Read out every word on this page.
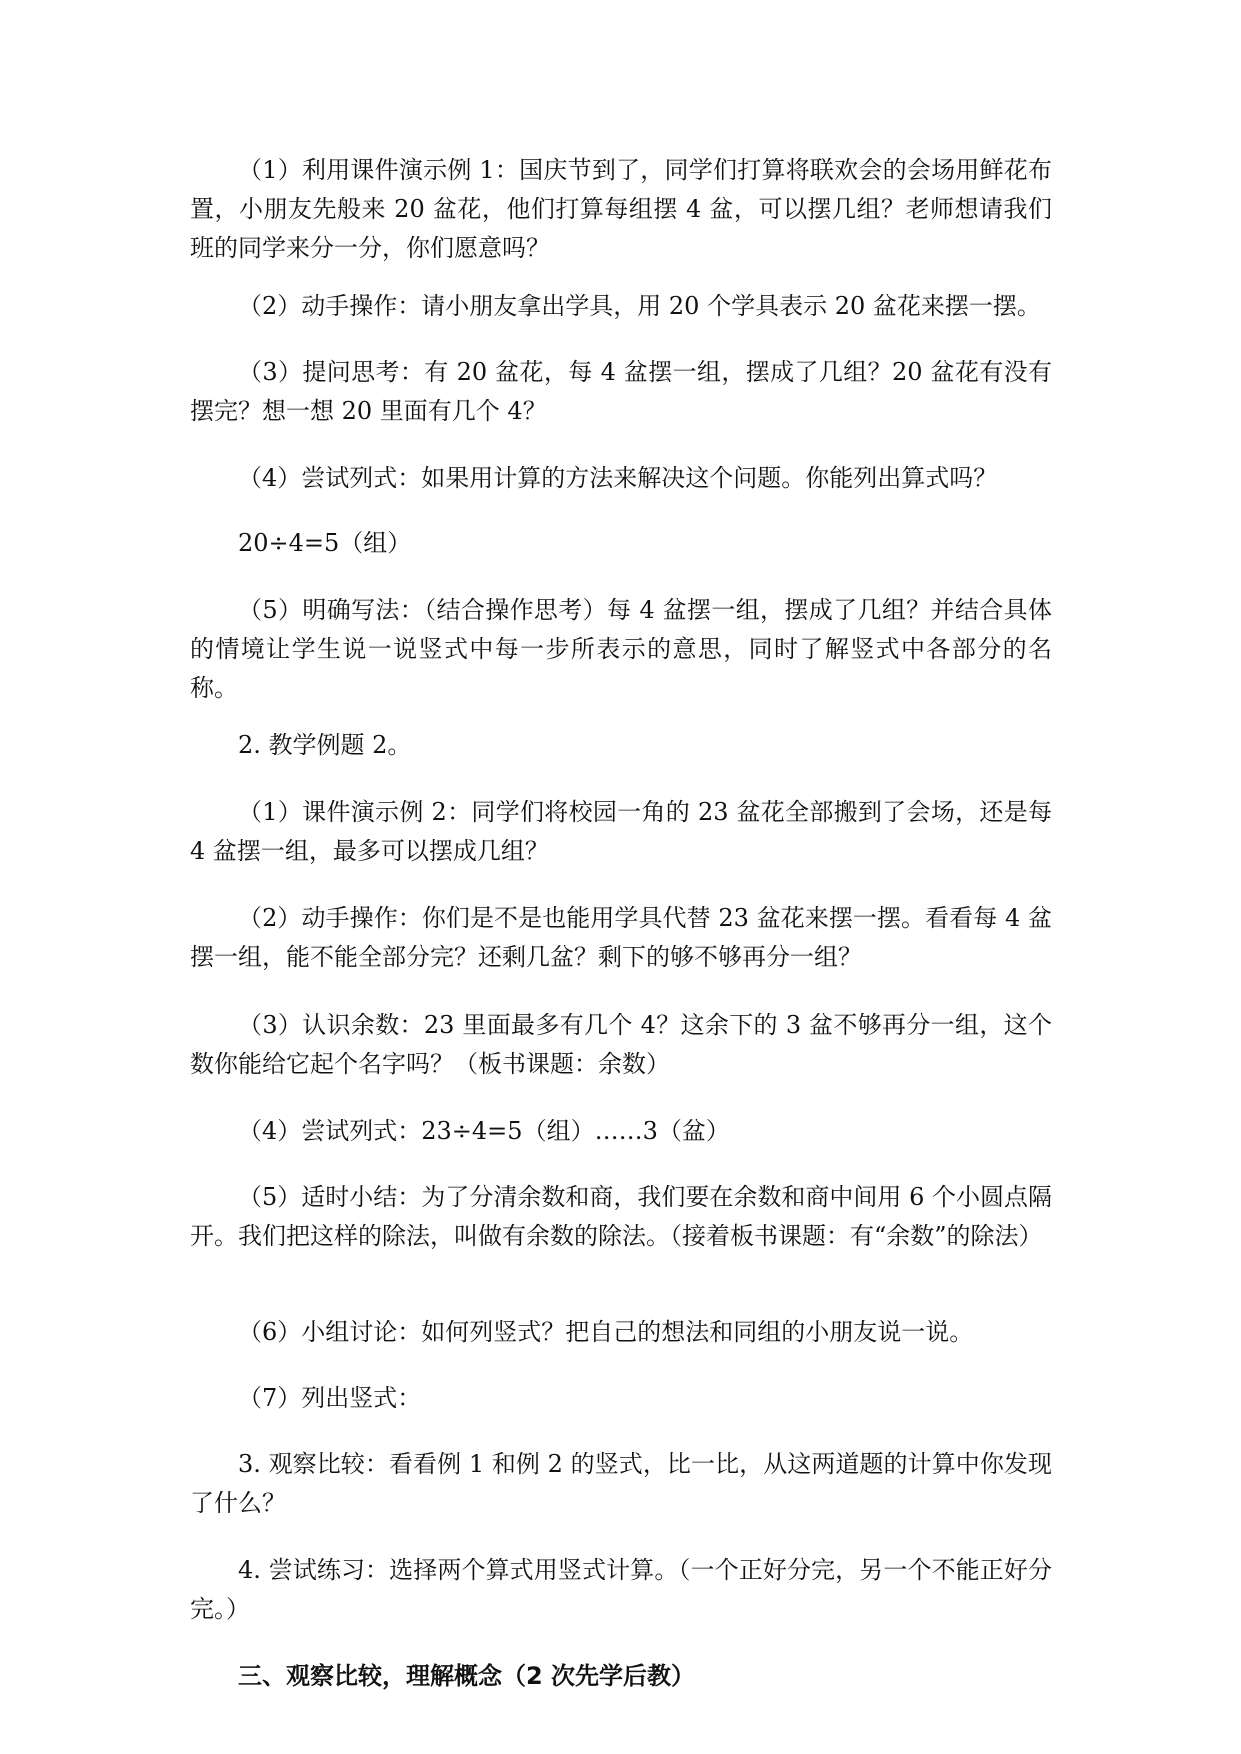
（1）利用课件演示例 1：国庆节到了，同学们打算将联欢会的会场用鲜花布置，小朋友先般来 20 盆花，他们打算每组摆 4 盆，可以摆几组？老师想请我们班的同学来分一分，你们愿意吗？

（2）动手操作：请小朋友拿出学具，用 20 个学具表示 20 盆花来摆一摆。

（3）提问思考：有 20 盆花，每 4 盆摆一组，摆成了几组？20 盆花有没有摆完？想一想 20 里面有几个 4？

（4）尝试列式：如果用计算的方法来解决这个问题。你能列出算式吗？

20÷4=5（组）

（5）明确写法：（结合操作思考）每 4 盆摆一组，摆成了几组？并结合具体的情境让学生说一说竖式中每一步所表示的意思，同时了解竖式中各部分的名称。

2. 教学例题 2。

（1）课件演示例 2：同学们将校园一角的 23 盆花全部搬到了会场，还是每 4 盆摆一组，最多可以摆成几组？

（2）动手操作：你们是不是也能用学具代替 23 盆花来摆一摆。看看每 4 盆摆一组，能不能全部分完？还剩几盆？剩下的够不够再分一组？

（3）认识余数：23 里面最多有几个 4？这余下的 3 盆不够再分一组，这个数你能给它起个名字吗？（板书课题：余数）

（4）尝试列式：23÷4=5（组）……3（盆）

（5）适时小结：为了分清余数和商，我们要在余数和商中间用 6 个小圆点隔开。我们把这样的除法，叫做有余数的除法。（接着板书课题：有“余数”的除法）

（6）小组讨论：如何列竖式？把自己的想法和同组的小朋友说一说。

（7）列出竖式：

3. 观察比较：看看例 1 和例 2 的竖式，比一比，从这两道题的计算中你发现了什么？

4. 尝试练习：选择两个算式用竖式计算。（一个正好分完，另一个不能正好分完。）

三、观察比较，理解概念（2 次先学后教）
